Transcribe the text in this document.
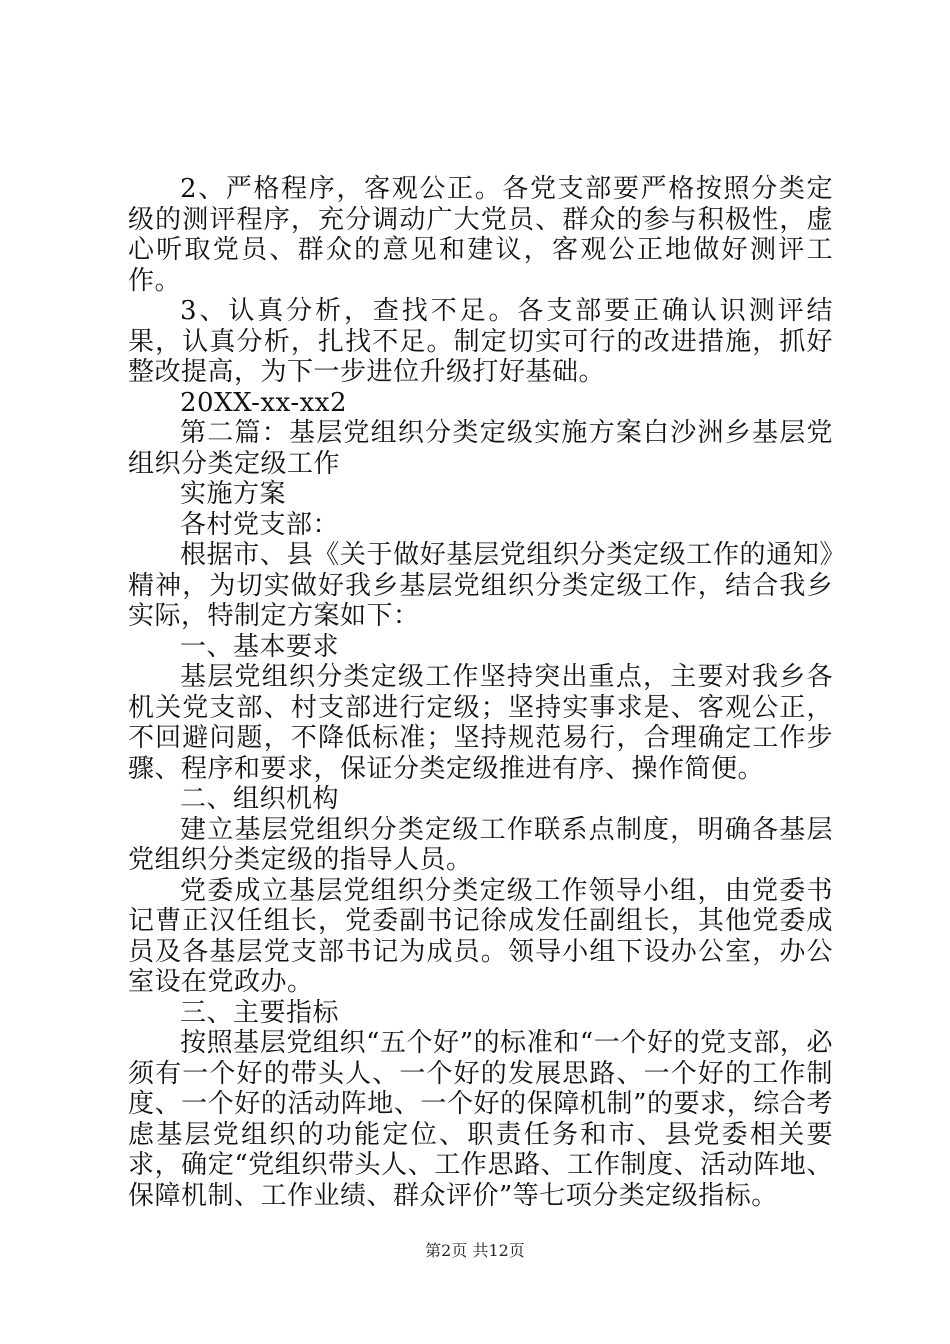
2、严格程序，客观公正。各党支部要严格按照分类定级的测评程序，充分调动广大党员、群众的参与积极性，虚心听取党员、群众的意见和建议，客观公正地做好测评工作。

3、认真分析，查找不足。各支部要正确认识测评结果，认真分析，扎找不足。制定切实可行的改进措施，抓好整改提高，为下一步进位升级打好基础。

20XX-xx-xx2

第二篇：基层党组织分类定级实施方案白沙洲乡基层党组织分类定级工作

实施方案

各村党支部：

根据市、县《关于做好基层党组织分类定级工作的通知》精神，为切实做好我乡基层党组织分类定级工作，结合我乡实际，特制定方案如下：

一、基本要求

基层党组织分类定级工作坚持突出重点，主要对我乡各机关党支部、村支部进行定级；坚持实事求是、客观公正，不回避问题，不降低标准；坚持规范易行，合理确定工作步骤、程序和要求，保证分类定级推进有序、操作简便。

二、组织机构

建立基层党组织分类定级工作联系点制度，明确各基层党组织分类定级的指导人员。

党委成立基层党组织分类定级工作领导小组，由党委书记曹正汉任组长，党委副书记徐成发任副组长，其他党委成员及各基层党支部书记为成员。领导小组下设办公室，办公室设在党政办。

三、主要指标

按照基层党组织“五个好”的标准和“一个好的党支部，必须有一个好的带头人、一个好的发展思路、一个好的工作制度、一个好的活动阵地、一个好的保障机制”的要求，综合考虑基层党组织的功能定位、职责任务和市、县党委相关要求，确定“党组织带头人、工作思路、工作制度、活动阵地、保障机制、工作业绩、群众评价”等七项分类定级指标。

第2页 共12页
